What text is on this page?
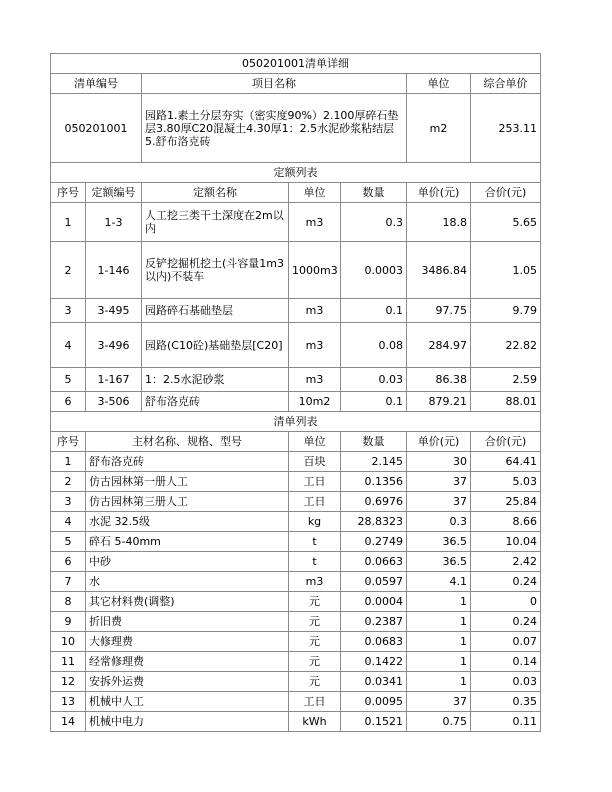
050201001清单详细						
清单编号		项目名称			单位	综合单价
050201001		园路1.素土分层夯实（密实度90%）2.100厚碎石垫层3.80厚C20混凝土4.30厚1：2.5水泥砂浆粘结层5.舒布洛克砖			m2	253.11
定额列表						
序号	定额编号	定额名称	单位	数量	单价(元)	合价(元)
1	1-3	人工挖三类干土深度在2m以内	m3	0.3	18.8	5.65
2	1-146	反铲挖掘机挖土(斗容量1m3以内)不装车	1000m3	0.0003	3486.84	1.05
3	3-495	园路碎石基础垫层	m3	0.1	97.75	9.79
4	3-496	园路(C10砼)基础垫层[C20]	m3	0.08	284.97	22.82
5	1-167	1：2.5水泥砂浆	m3	0.03	86.38	2.59
6	3-506	舒布洛克砖	10m2	0.1	879.21	88.01
清单列表						
序号	主材名称、规格、型号		单位	数量	单价(元)	合价(元)
1	舒布洛克砖		百块	2.145	30	64.41
2	仿古园林第一册人工		工日	0.1356	37	5.03
3	仿古园林第三册人工		工日	0.6976	37	25.84
4	水泥 32.5级		kg	28.8323	0.3	8.66
5	碎石 5-40mm		t	0.2749	36.5	10.04
6	中砂		t	0.0663	36.5	2.42
7	水		m3	0.0597	4.1	0.24
8	其它材料费(调整)		元	0.0004	1	0
9	折旧费		元	0.2387	1	0.24
10	大修理费		元	0.0683	1	0.07
11	经常修理费		元	0.1422	1	0.14
12	安拆外运费		元	0.0341	1	0.03
13	机械中人工		工日	0.0095	37	0.35
14	机械中电力		kWh	0.1521	0.75	0.11
